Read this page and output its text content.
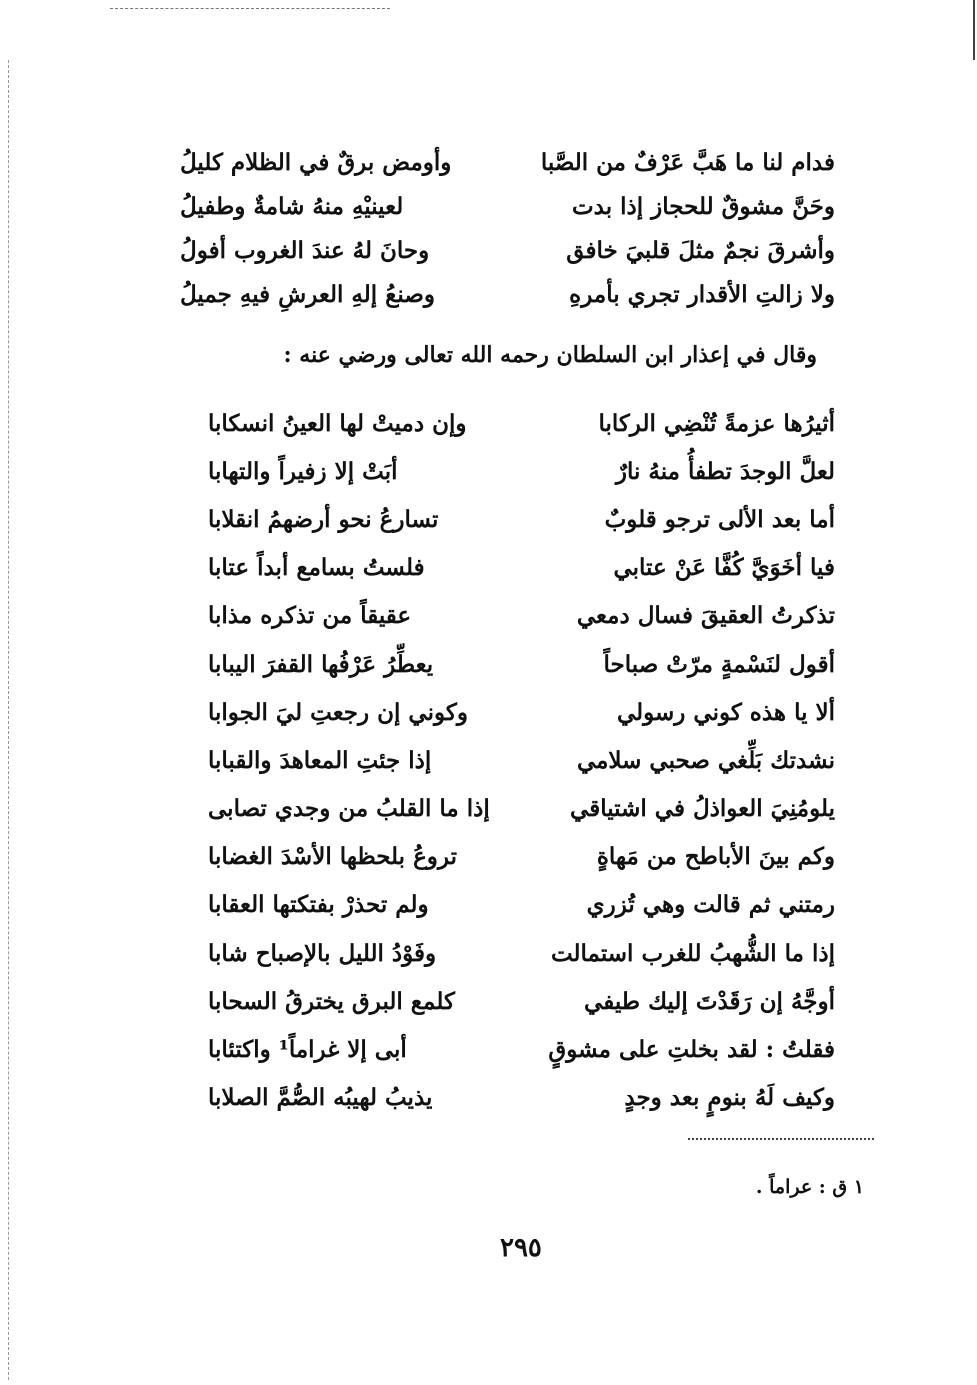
فدام لنا ما هَبَّ عَرْفٌ من الصَّبا
وأومض برقٌ في الظلام كليلُ
وحَنَّ مشوقٌ للحجاز إذا بدت
لعينيْهِ منهُ شامةٌ وطفيلُ
وأشرقَ نجمٌ مثلَ قلبيَ خافق
وحانَ لهُ عندَ الغروب أفولُ
ولا زالتِ الأقدار تجري بأمرهِ
وصنعُ إلهِ العرشِ فيهِ جميلُ
وقال في إعذار ابن السلطان رحمه الله تعالى ورضي عنه :
أثيرُها عزمةً تُنْضِي الركابا
وإن دميتْ لها العينُ انسكابا
لعلَّ الوجدَ تطفأُ منهُ نارٌ
أبَتْ إلا زفيراً والتهابا
أما بعد الألى ترجو قلوبٌ
تسارعُ نحو أرضهمُ انقلابا
فيا أخَوَيَّ كُفَّا عَنْ عتابي
فلستُ بسامع أبداً عتابا
تذكرتُ العقيقَ فسال دمعي
عقيقاً من تذكره مذابا
أقول لنَسْمةٍ مرّتْ صباحاً
يعطِّرُ عَرْفُها القفرَ اليبابا
ألا يا هذه كوني رسولي
وكوني إن رجعتِ ليَ الجوابا
نشدتك بَلِّغي صحبي سلامي
إذا جئتِ المعاهدَ والقبابا
يلومُنِيَ العواذلُ في اشتياقي
إذا ما القلبُ من وجدي تصابى
وكم بينَ الأباطح من مَهاةٍ
تروعُ بلحظها الأسْدَ الغضابا
رمتني ثم قالت وهي تُزري
ولم تحذرْ بفتكتها العقابا
إذا ما الشُّهبُ للغرب استمالت
وفَوْدُ الليل بالإصباح شابا
أوجَّهُ إن رَقَدْتَ إليك طيفي
كلمع البرق يخترقُ السحابا
فقلتُ : لقد بخلتِ على مشوقٍ
أبى إلا غراماً¹ واكتئابا
وكيف لَهُ بنومٍ بعد وجدٍ
يذيبُ لهيبُه الصُّمَّ الصلابا
١ ق : عراماً .
٢٩٥
